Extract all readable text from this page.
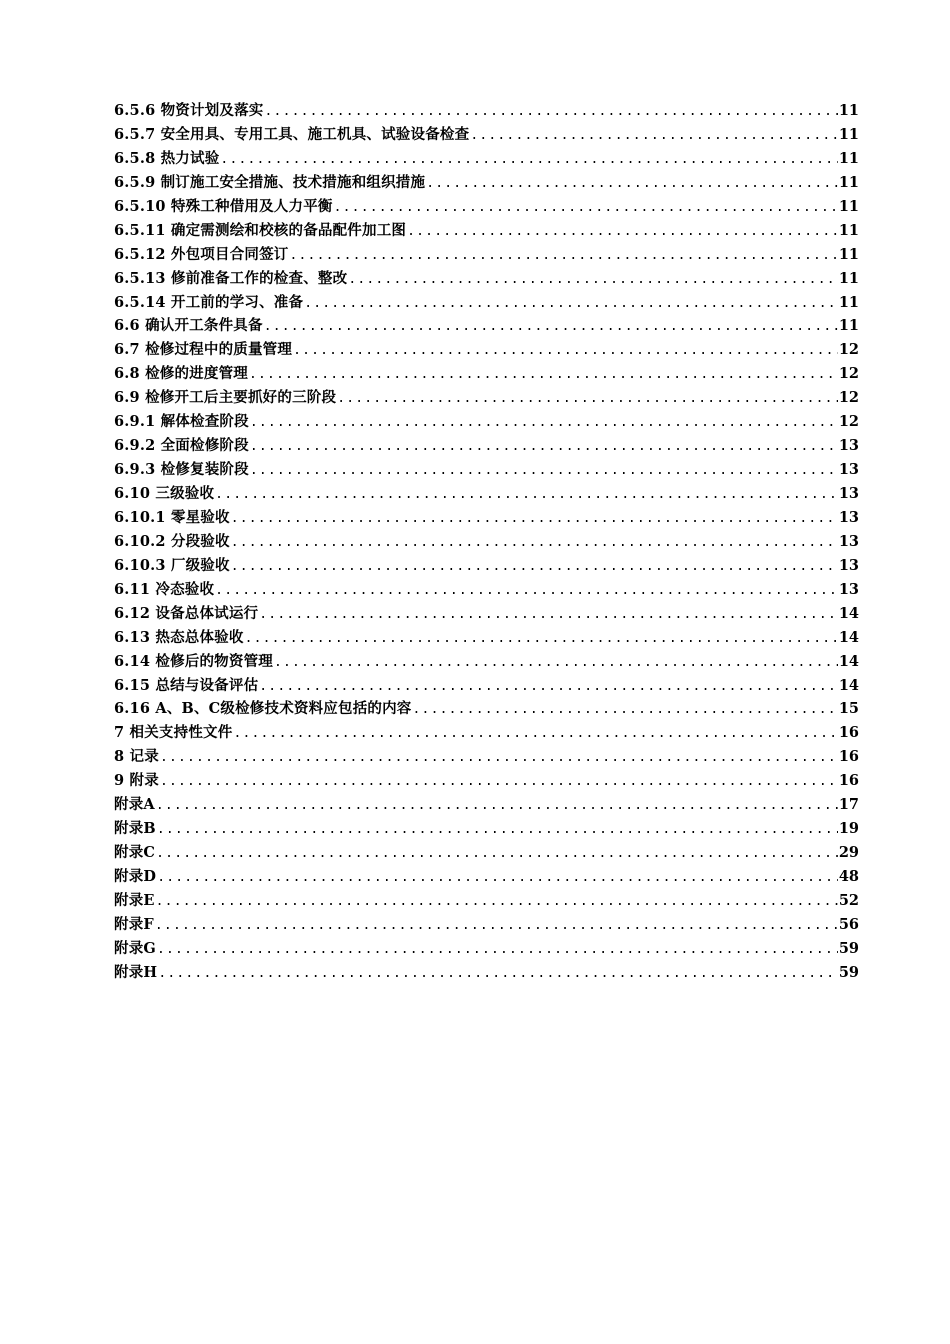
6.5.6 物资计划及落实 .....	11
6.5.7 安全用具、专用工具、施工机具、试验设备检查 .....	11
6.5.8 热力试验 .....	11
6.5.9 制订施工安全措施、技术措施和组织措施 .....	11
6.5.10 特殊工种借用及人力平衡 .....	11
6.5.11 确定需测绘和校核的备品配件加工图 .....	11
6.5.12 外包项目合同签订 .....	11
6.5.13 修前准备工作的检查、整改 .....	11
6.5.14 开工前的学习、准备 .....	11
6.6 确认开工条件具备 .....	11
6.7 检修过程中的质量管理 .....	12
6.8 检修的进度管理 .....	12
6.9 检修开工后主要抓好的三阶段 .....	12
6.9.1 解体检查阶段 .....	12
6.9.2 全面检修阶段 .....	13
6.9.3 检修复装阶段 .....	13
6.10 三级验收 .....	13
6.10.1 零星验收 .....	13
6.10.2 分段验收 .....	13
6.10.3 厂级验收 .....	13
6.11 冷态验收 .....	13
6.12 设备总体试运行 .....	14
6.13 热态总体验收 .....	14
6.14 检修后的物资管理 .....	14
6.15 总结与设备评估 .....	14
6.16 A、B、C级检修技术资料应包括的内容 .....	15
7 相关支持性文件 .....	16
8 记录 .....	16
9 附录 .....	16
附录A .....	17
附录B .....	19
附录C .....	29
附录D .....	48
附录E .....	52
附录F .....	56
附录G .....	59
附录H .....	59
